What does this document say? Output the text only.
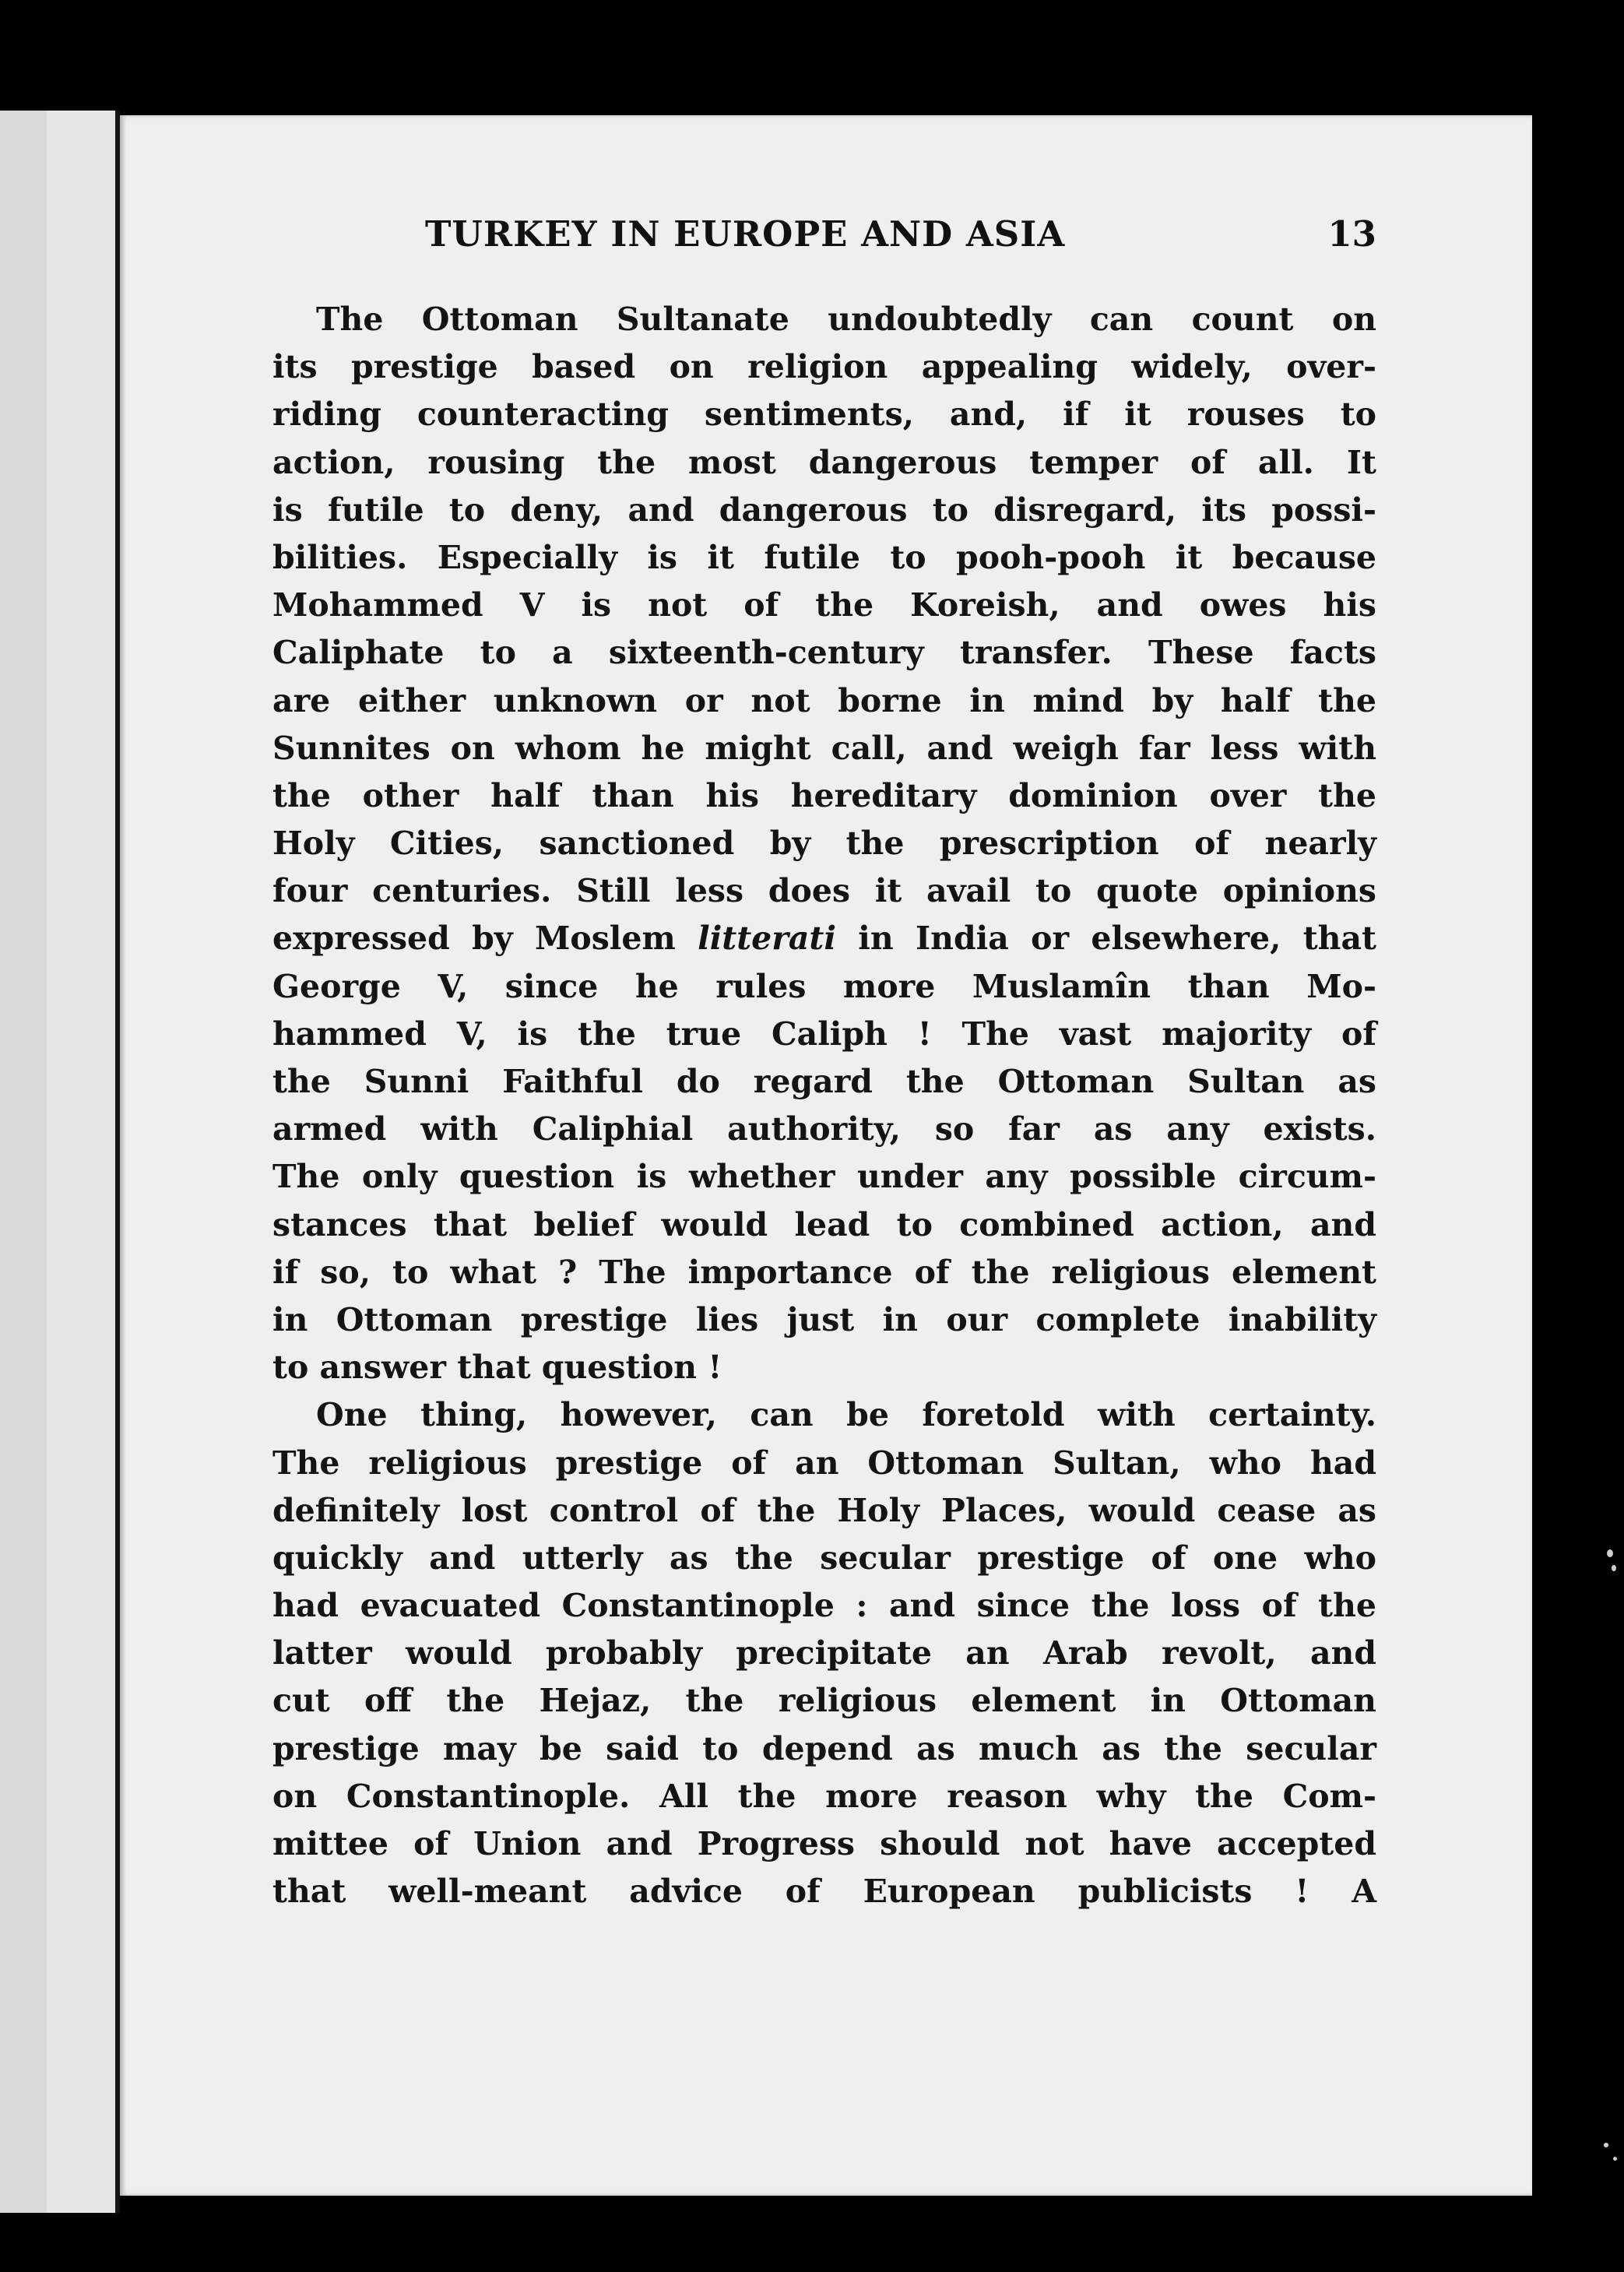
TURKEY IN EUROPE AND ASIA	13
The Ottoman Sultanate undoubtedly can count on
its prestige based on religion appealing widely, over-
riding counteracting sentiments, and, if it rouses to
action, rousing the most dangerous temper of all. It
is futile to deny, and dangerous to disregard, its possi-
bilities. Especially is it futile to pooh-pooh it because
Mohammed V is not of the Koreish, and owes his
Caliphate to a sixteenth-century transfer. These facts
are either unknown or not borne in mind by half the
Sunnites on whom he might call, and weigh far less with
the other half than his hereditary dominion over the
Holy Cities, sanctioned by the prescription of nearly
four centuries. Still less does it avail to quote opinions
expressed by Moslem litterati in India or elsewhere, that
George V, since he rules more Muslamîn than Mo-
hammed V, is the true Caliph ! The vast majority of
the Sunni Faithful do regard the Ottoman Sultan as
armed with Caliphial authority, so far as any exists.
The only question is whether under any possible circum-
stances that belief would lead to combined action, and
if so, to what ? The importance of the religious element
in Ottoman prestige lies just in our complete inability
to answer that question !
One thing, however, can be foretold with certainty.
The religious prestige of an Ottoman Sultan, who had
definitely lost control of the Holy Places, would cease as
quickly and utterly as the secular prestige of one who
had evacuated Constantinople : and since the loss of the
latter would probably precipitate an Arab revolt, and
cut off the Hejaz, the religious element in Ottoman
prestige may be said to depend as much as the secular
on Constantinople. All the more reason why the Com-
mittee of Union and Progress should not have accepted
that well-meant advice of European publicists ! A
